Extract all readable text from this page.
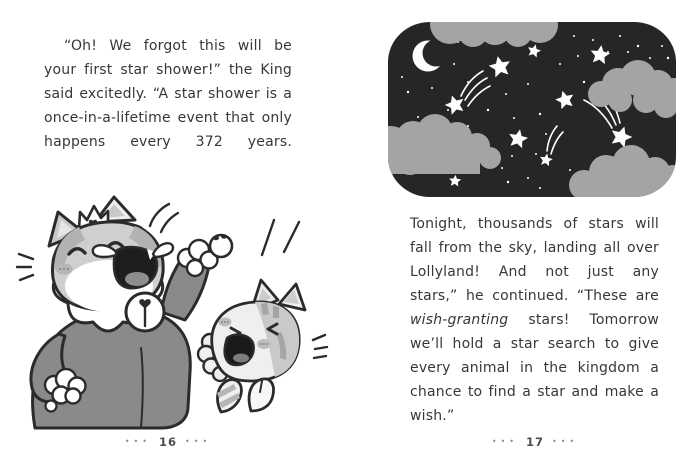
“Oh! We forgot this will be your first star shower!” the King said excitedly. “A star shower is a once-in-a-lifetime event that only happens every 372 years.

••• 16 •••

Tonight, thousands of stars will fall from the sky, landing all over Lollyland! And not just any stars,” he continued. “These are wish-granting stars! Tomorrow we’ll hold a star search to give every animal in the kingdom a chance to find a star and make a wish.”

••• 17 •••
